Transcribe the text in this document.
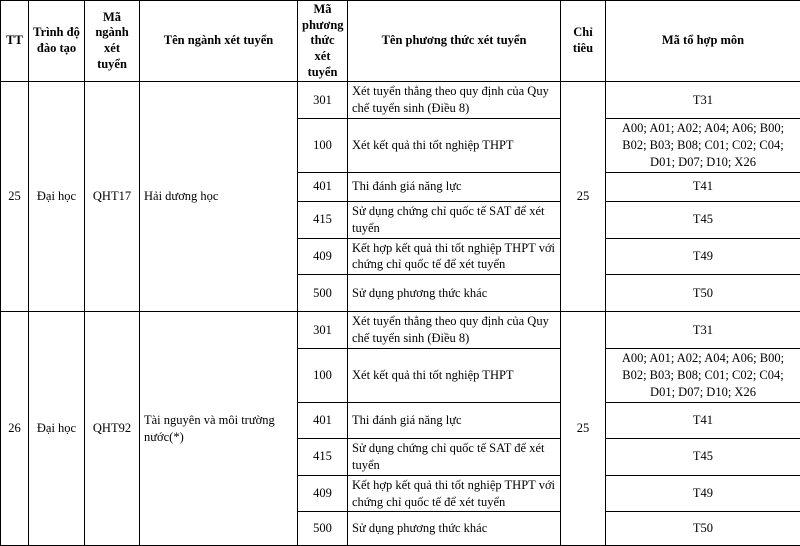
TT	Trình độ đào tạo	Mã ngành xét tuyển	Tên ngành xét tuyển	Mã phương thức xét tuyển	Tên phương thức xét tuyển	Chỉ tiêu	Mã tổ hợp môn
25	Đại học	QHT17	Hải dương học	301	Xét tuyển thẳng theo quy định của Quy chế tuyển sinh (Điều 8)	25	T31
				100	Xét kết quả thi tốt nghiệp THPT		A00; A01; A02; A04; A06; B00; B02; B03; B08; C01; C02; C04; D01; D07; D10; X26
				401	Thi đánh giá năng lực		T41
				415	Sử dụng chứng chỉ quốc tế SAT để xét tuyển		T45
				409	Kết hợp kết quả thi tốt nghiệp THPT với chứng chỉ quốc tế để xét tuyển		T49
				500	Sử dụng phương thức khác		T50
26	Đại học	QHT92	Tài nguyên và môi trường nước(*)	301	Xét tuyển thẳng theo quy định của Quy chế tuyển sinh (Điều 8)	25	T31
				100	Xét kết quả thi tốt nghiệp THPT		A00; A01; A02; A04; A06; B00; B02; B03; B08; C01; C02; C04; D01; D07; D10; X26
				401	Thi đánh giá năng lực		T41
				415	Sử dụng chứng chỉ quốc tế SAT để xét tuyển		T45
				409	Kết hợp kết quả thi tốt nghiệp THPT với chứng chỉ quốc tế để xét tuyển		T49
				500	Sử dụng phương thức khác		T50
